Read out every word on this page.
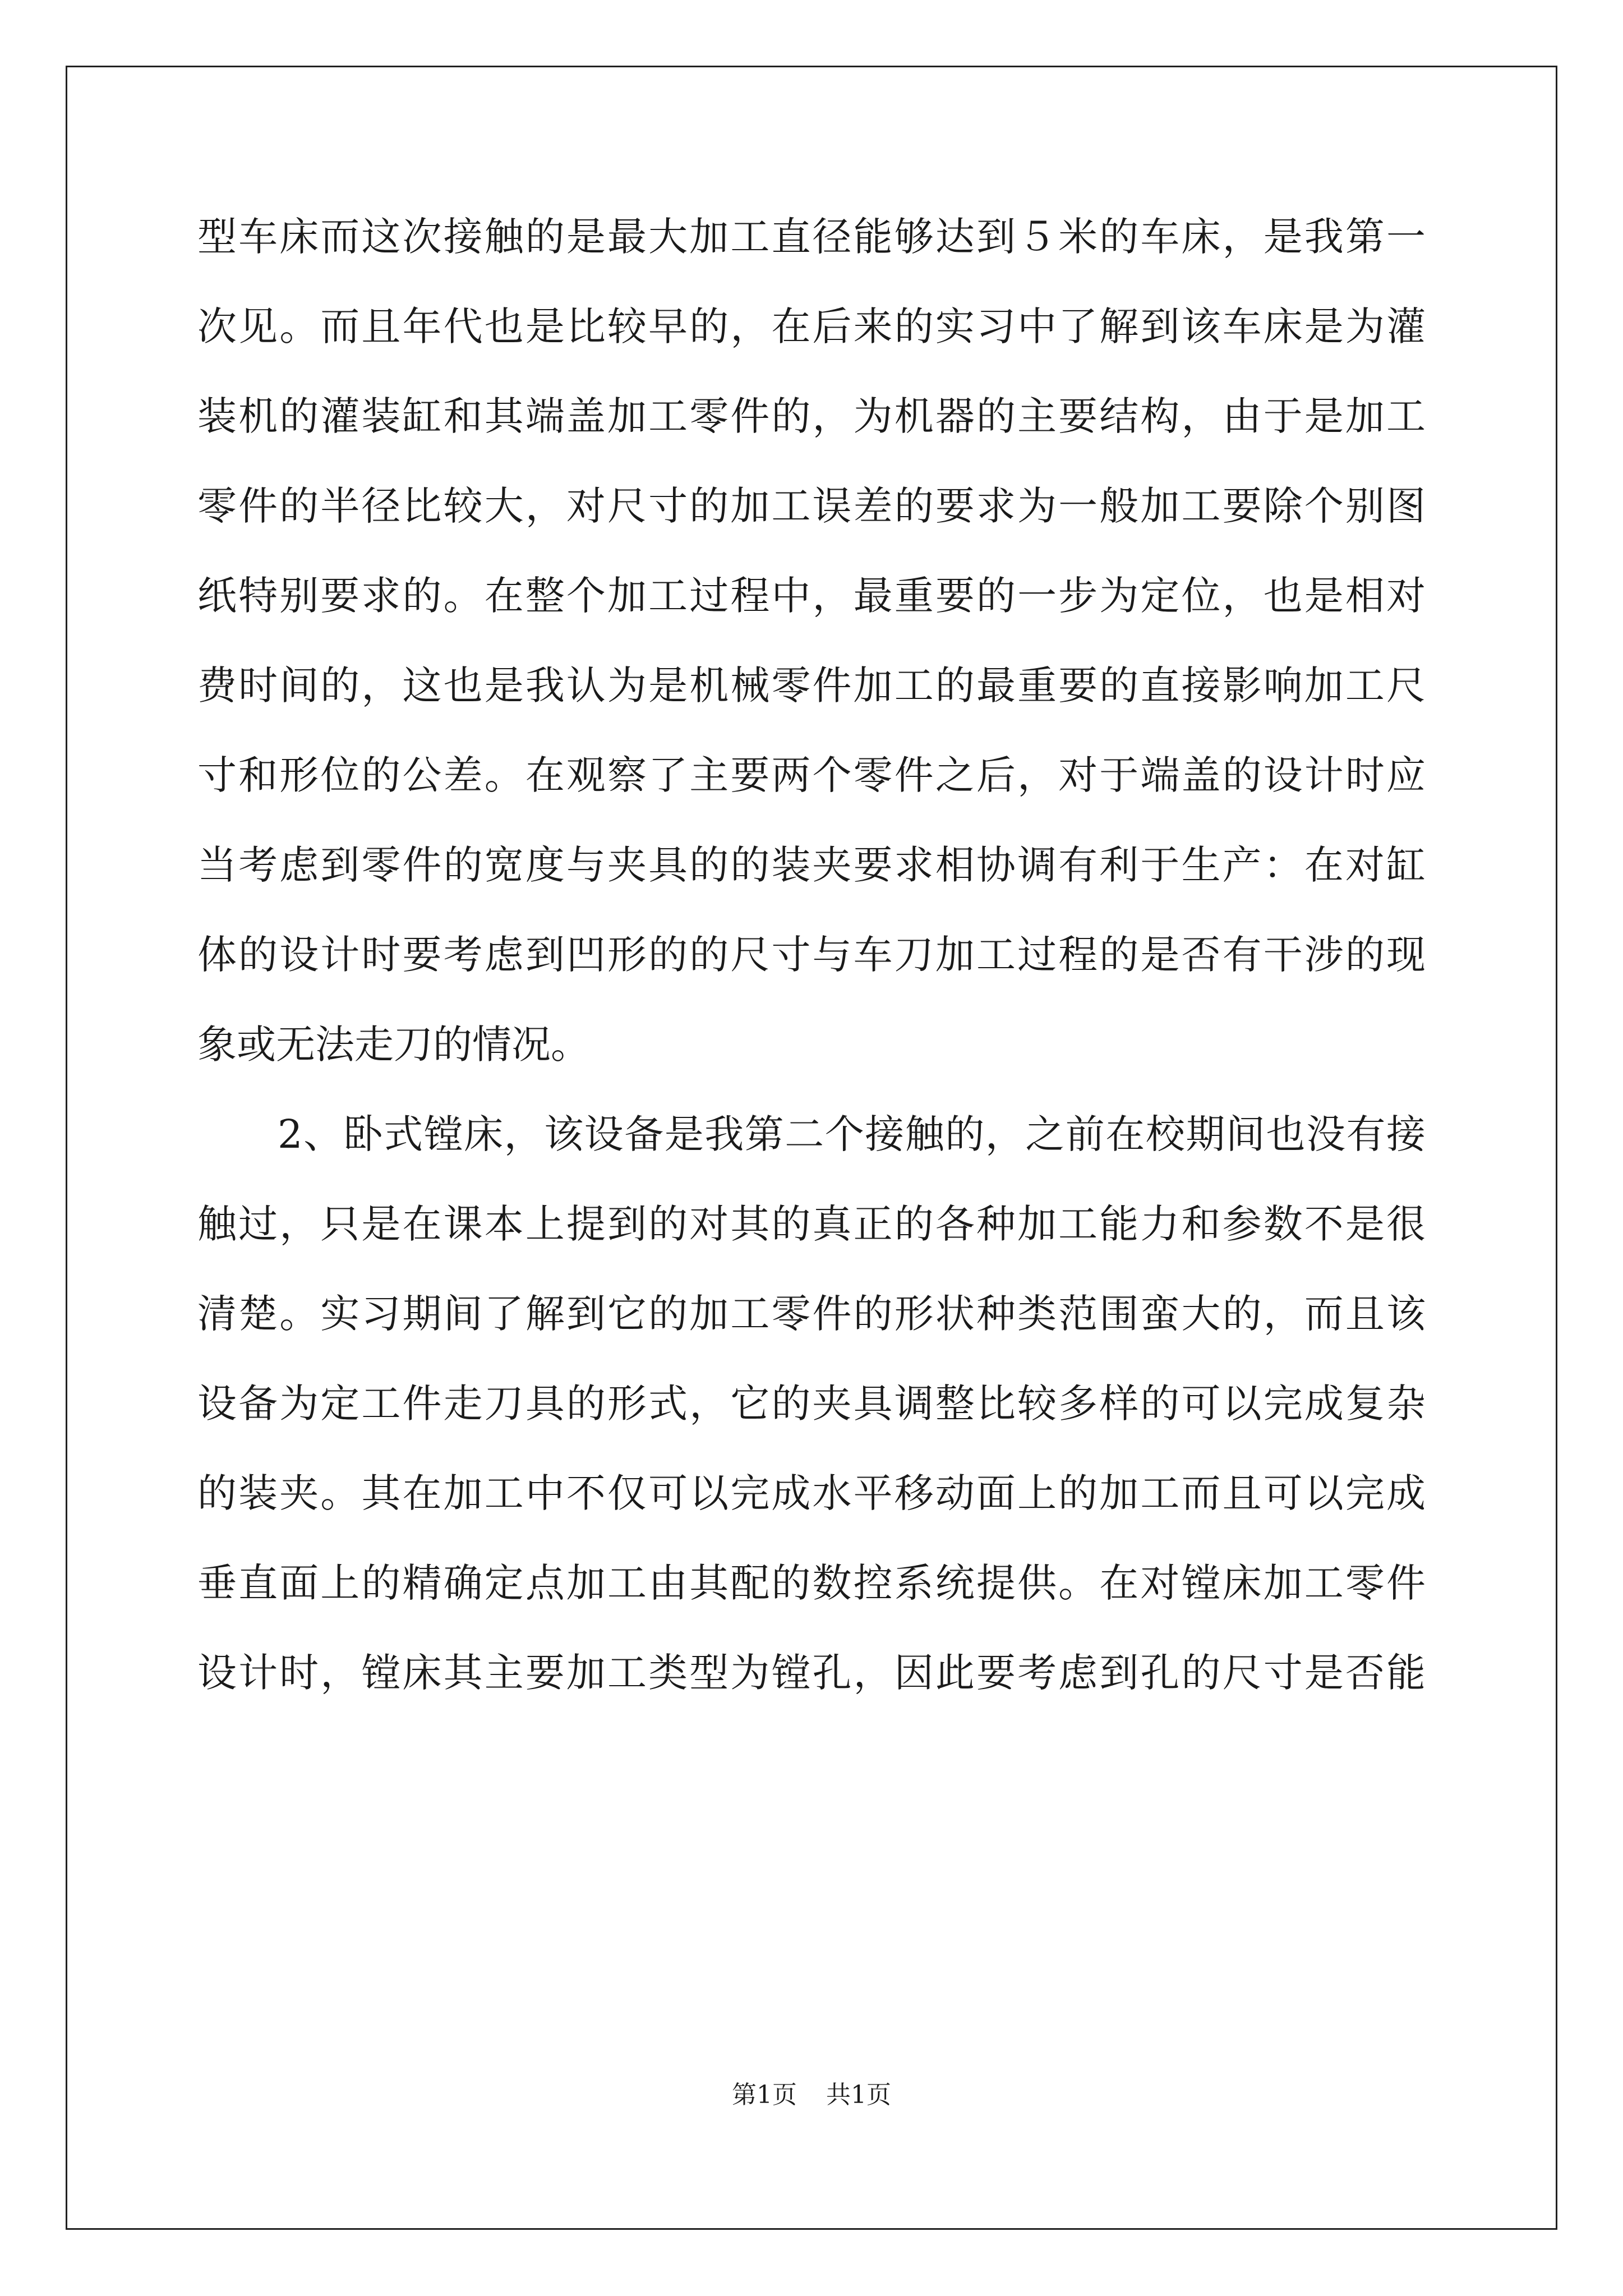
型车床而这次接触的是最大加工直径能够达到５米的车床，是我第一
次见。而且年代也是比较早的，在后来的实习中了解到该车床是为灌
装机的灌装缸和其端盖加工零件的，为机器的主要结构，由于是加工
零件的半径比较大，对尺寸的加工误差的要求为一般加工要除个别图
纸特别要求的。在整个加工过程中，最重要的一步为定位，也是相对
费时间的，这也是我认为是机械零件加工的最重要的直接影响加工尺
寸和形位的公差。在观察了主要两个零件之后，对于端盖的设计时应
当考虑到零件的宽度与夹具的的装夹要求相协调有利于生产：在对缸
体的设计时要考虑到凹形的的尺寸与车刀加工过程的是否有干涉的现
象或无法走刀的情况。
　　2、卧式镗床，该设备是我第二个接触的，之前在校期间也没有接
触过，只是在课本上提到的对其的真正的各种加工能力和参数不是很
清楚。实习期间了解到它的加工零件的形状种类范围蛮大的，而且该
设备为定工件走刀具的形式，它的夹具调整比较多样的可以完成复杂
的装夹。其在加工中不仅可以完成水平移动面上的加工而且可以完成
垂直面上的精确定点加工由其配的数控系统提供。在对镗床加工零件
设计时，镗床其主要加工类型为镗孔，因此要考虑到孔的尺寸是否能
第1页 共1页
